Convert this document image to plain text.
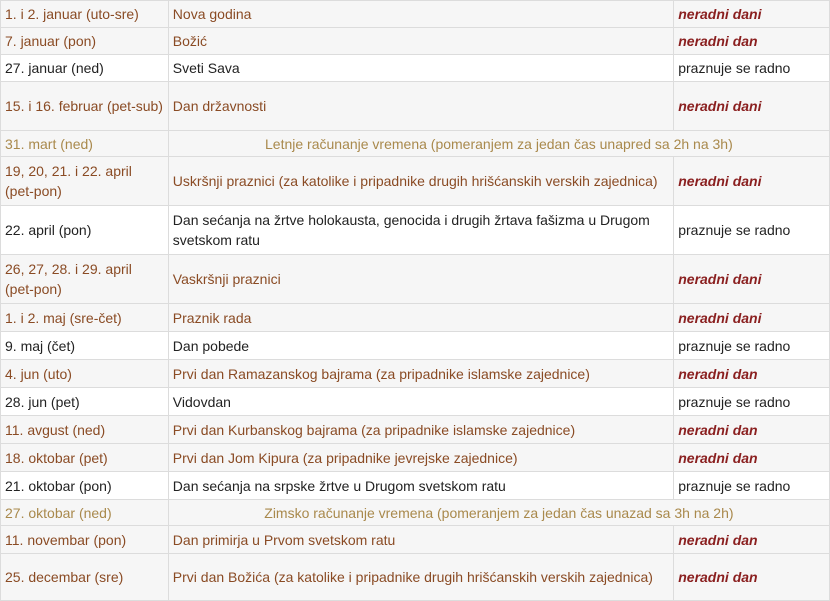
1. i 2. januar (uto-sre)	Nova godina	neradni dani
7. januar (pon)	Božić	neradni dan
27. januar (ned)	Sveti Sava	praznuje se radno
15. i 16. februar (pet-sub)	Dan državnosti	neradni dani
31. mart (ned)	Letnje računanje vremena (pomeranjem za jedan čas unapred sa 2h na 3h)	
19, 20, 21. i 22. april (pet-pon)	Uskršnji praznici (za katolike i pripadnike drugih hrišćanskih verskih zajednica)	neradni dani
22. april (pon)	Dan sećanja na žrtve holokausta, genocida i drugih žrtava fašizma u Drugom svetskom ratu	praznuje se radno
26, 27, 28. i 29. april (pet-pon)	Vaskršnji praznici	neradni dani
1. i 2. maj (sre-čet)	Praznik rada	neradni dani
9. maj (čet)	Dan pobede	praznuje se radno
4. jun (uto)	Prvi dan Ramazanskog bajrama (za pripadnike islamske zajednice)	neradni dan
28. jun (pet)	Vidovdan	praznuje se radno
11. avgust (ned)	Prvi dan Kurbanskog bajrama (za pripadnike islamske zajednice)	neradni dan
18. oktobar (pet)	Prvi dan Jom Kipura (za pripadnike jevrejske zajednice)	neradni dan
21. oktobar (pon)	Dan sećanja na srpske žrtve u Drugom svetskom ratu	praznuje se radno
27. oktobar (ned)	Zimsko računanje vremena (pomeranjem za jedan čas unazad sa 3h na 2h)	
11. novembar (pon)	Dan primirja u Prvom svetskom ratu	neradni dan
25. decembar (sre)	Prvi dan Božića (za katolike i pripadnike drugih hrišćanskih verskih zajednica)	neradni dan
